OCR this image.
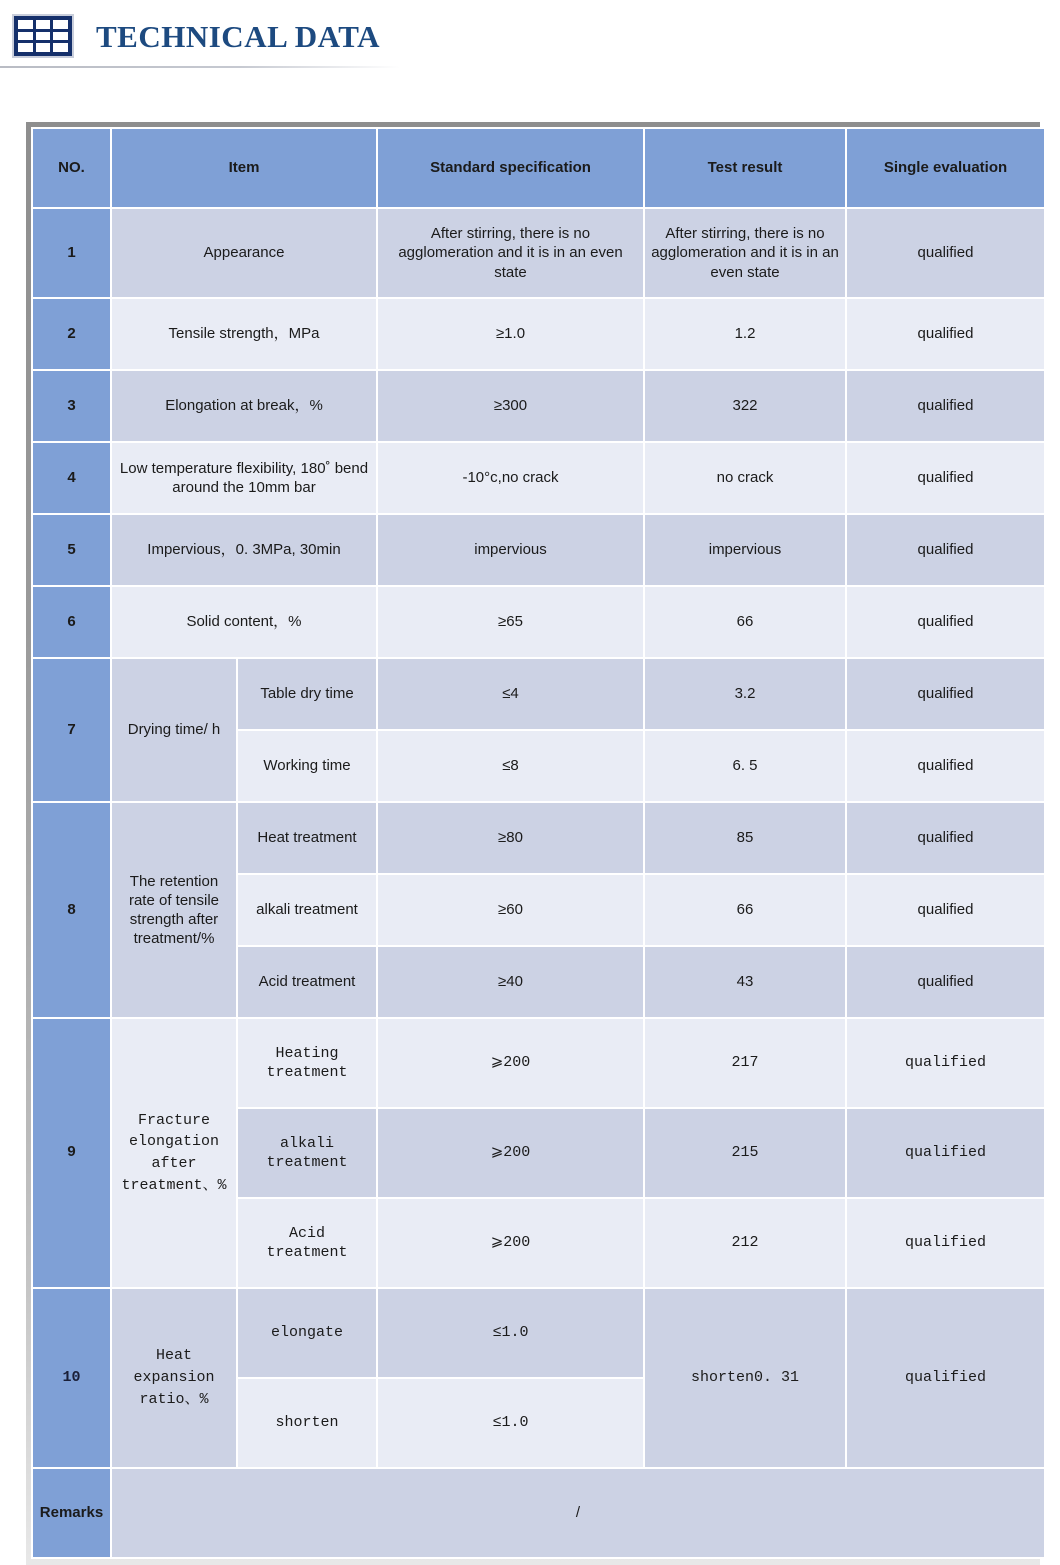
TECHNICAL DATA
NO.	Item		Standard specification	Test result	Single evaluation
1	Appearance		After stirring, there is no agglomeration and it is in an even state	After stirring, there is no agglomeration and it is in an even state	qualified
2	Tensile strength，MPa		≥1.0	1.2	qualified
3	Elongation at break，%		≥300	322	qualified
4	Low temperature flexibility, 180˚ bend around the 10mm bar		-10°c,no crack	no crack	qualified
5	Impervious，0. 3MPa, 30min		impervious	impervious	qualified
6	Solid content，%		≥65	66	qualified
7	Drying time/ h	Table dry time	≤4	3.2	qualified
		Working time	≤8	6. 5	qualified
8	The retention rate of tensile strength after treatment/%	Heat treatment	≥80	85	qualified
		alkali treatment	≥60	66	qualified
		Acid treatment	≥40	43	qualified
9	Fracture elongation after treatment、%	Heating treatment	⩾200	217	qualified
		alkali treatment	⩾200	215	qualified
		Acid treatment	⩾200	212	qualified
10	Heat expansion ratio、%	elongate	≤1.0	shorten0. 31	qualified
		shorten	≤1.0		
Remarks	/				
